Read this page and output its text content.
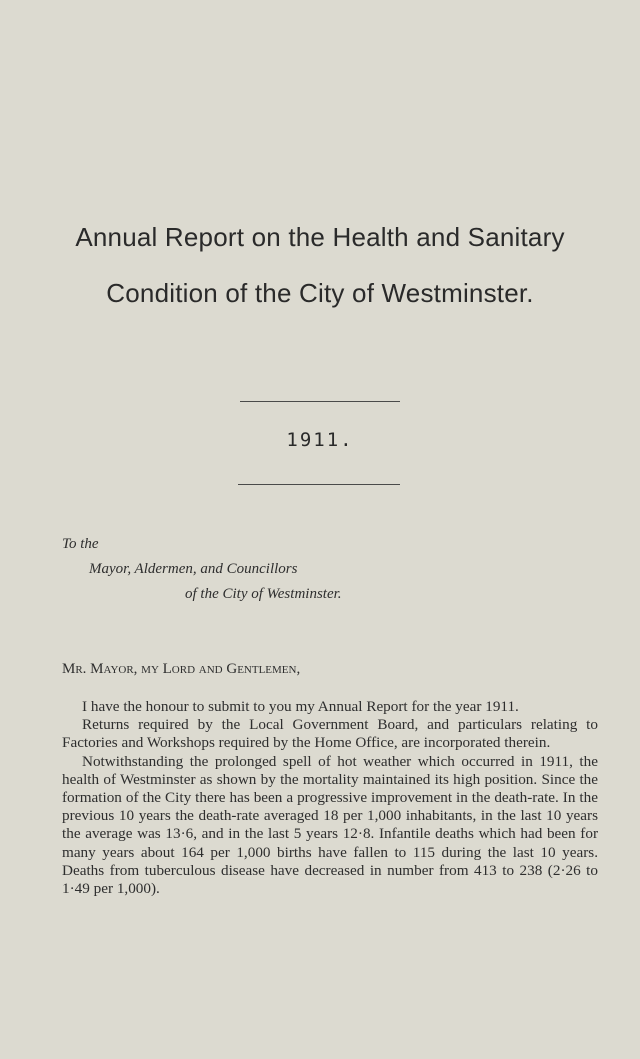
Annual Report on the Health and Sanitary
Condition of the City of Westminster.
1911.
To the
Mayor, Aldermen, and Councillors
of the City of Westminster.
Mr. Mayor, my Lord and Gentlemen,

I have the honour to submit to you my Annual Report for the year 1911.

Returns required by the Local Government Board, and particulars relating to Factories and Workshops required by the Home Office, are incorporated therein.

Notwithstanding the prolonged spell of hot weather which occurred in 1911, the health of Westminster as shown by the mortality maintained its high position. Since the formation of the City there has been a progressive improvement in the death-rate. In the previous 10 years the death-rate averaged 18 per 1,000 inhabitants, in the last 10 years the average was 13·6, and in the last 5 years 12·8. Infantile deaths which had been for many years about 164 per 1,000 births have fallen to 115 during the last 10 years. Deaths from tuberculous disease have decreased in number from 413 to 238 (2·26 to 1·49 per 1,000).
